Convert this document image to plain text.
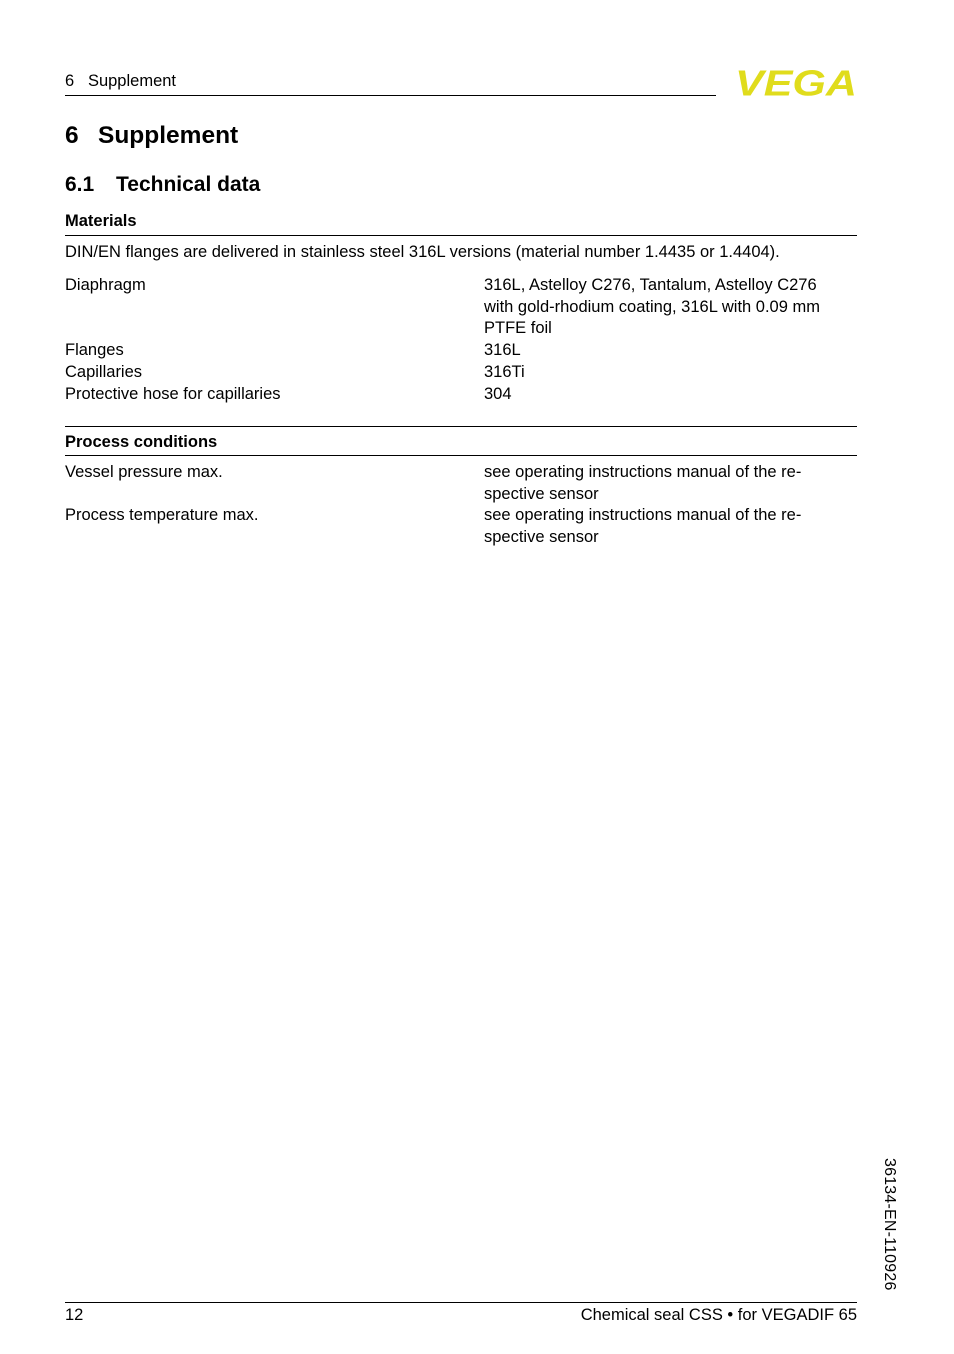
6 Supplement	VEGA
6 Supplement
6.1 Technical data
Materials
DIN/EN flanges are delivered in stainless steel 316L versions (material number 1.4435 or 1.4404).
Diaphragm	316L, Astelloy C276, Tantalum, Astelloy C276
with gold-rhodium coating, 316L with 0.09 mm
PTFE foil
Flanges	316L
Capillaries	316Ti
Protective hose for capillaries	304
Process conditions
Vessel pressure max.	see operating instructions manual of the re-
spective sensor
Process temperature max.	see operating instructions manual of the re-
spective sensor
36134-EN-110926
12	Chemical seal CSS • for VEGADIF 65
